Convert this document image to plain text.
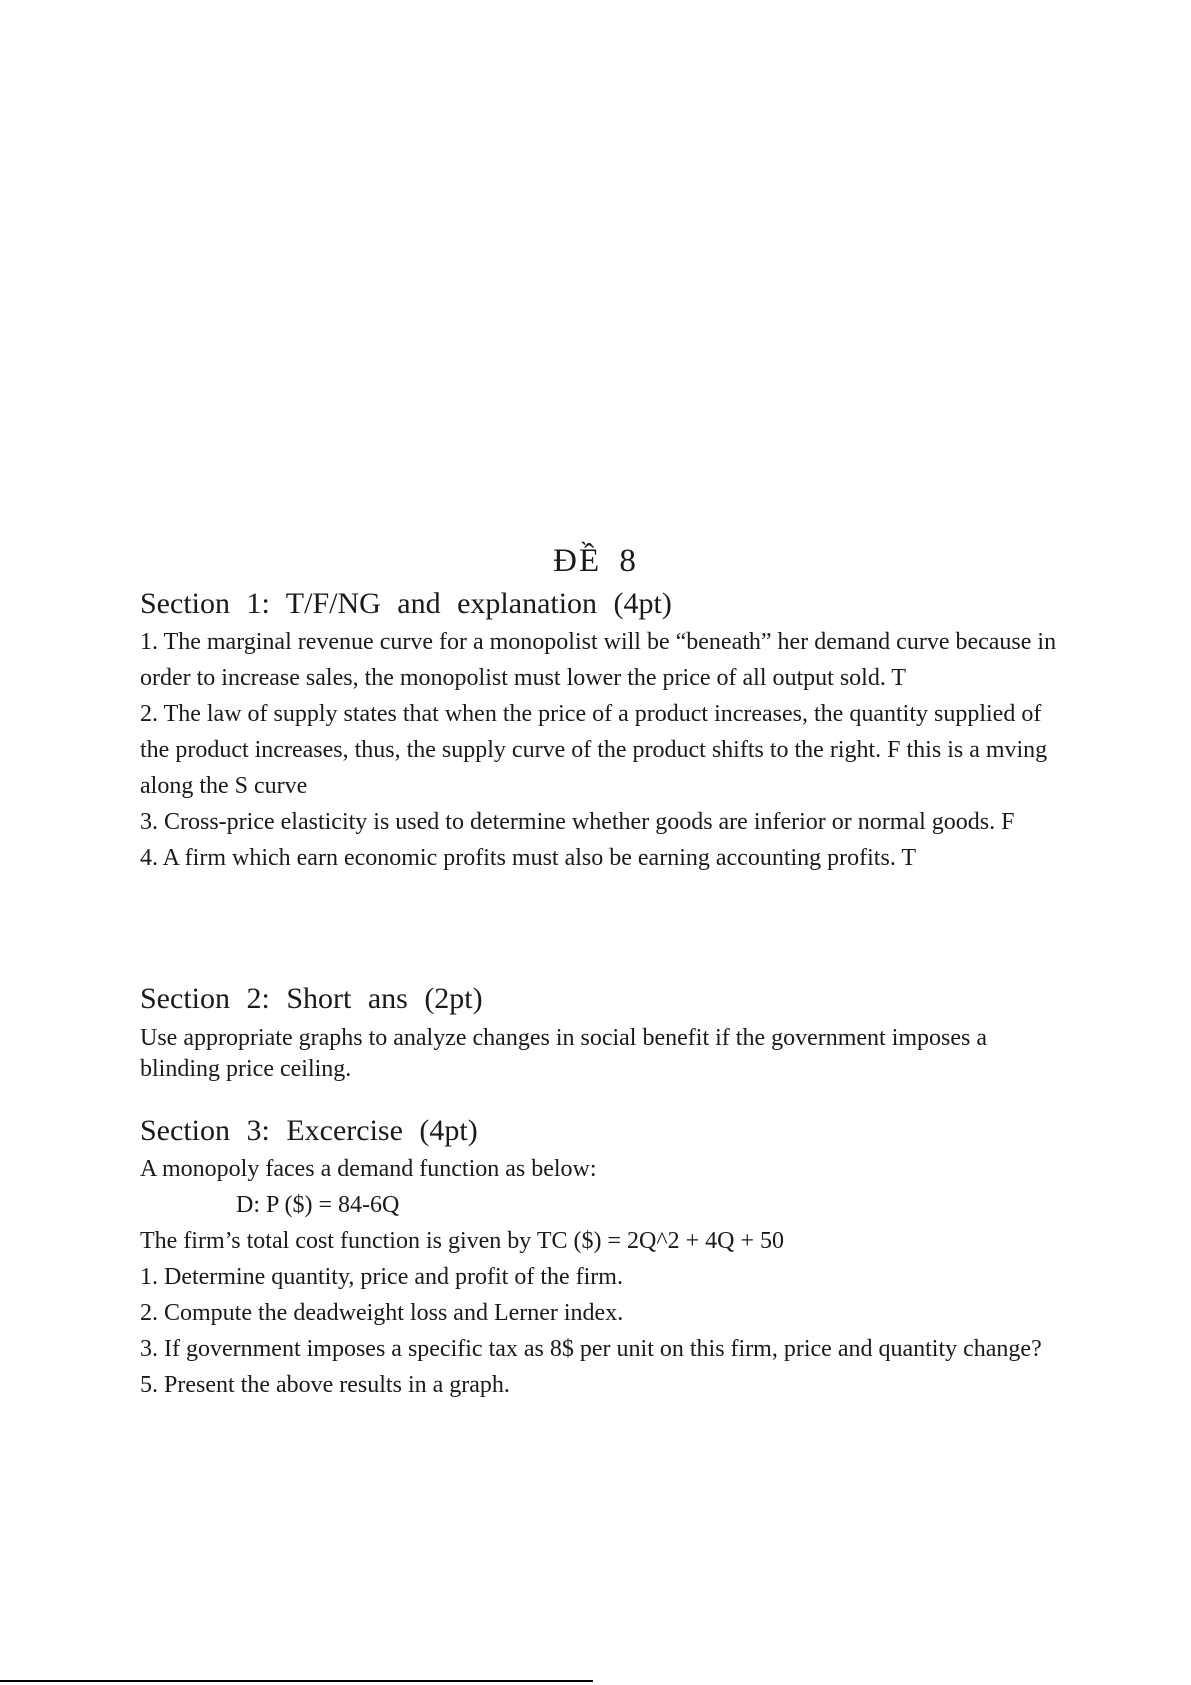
ĐỀ 8

Section 1: T/F/NG and explanation (4pt)

1. The marginal revenue curve for a monopolist will be “beneath” her demand curve because in order to increase sales, the monopolist must lower the price of all output sold. T

2. The law of supply states that when the price of a product increases, the quantity supplied of the product increases, thus, the supply curve of the product shifts to the right. F this is a mving along the S curve

3. Cross-price elasticity is used to determine whether goods are inferior or normal goods. F

4. A firm which earn economic profits must also be earning accounting profits. T

Section 2: Short ans (2pt)

Use appropriate graphs to analyze changes in social benefit if the government imposes a blinding price ceiling.

Section 3: Excercise (4pt)

A monopoly faces a demand function as below:

D: P ($) = 84-6Q

The firm’s total cost function is given by TC ($) = 2Q^2 + 4Q + 50

1. Determine quantity, price and profit of the firm.

2. Compute the deadweight loss and Lerner index.

3. If government imposes a specific tax as 8$ per unit on this firm, price and quantity change?

5. Present the above results in a graph.
